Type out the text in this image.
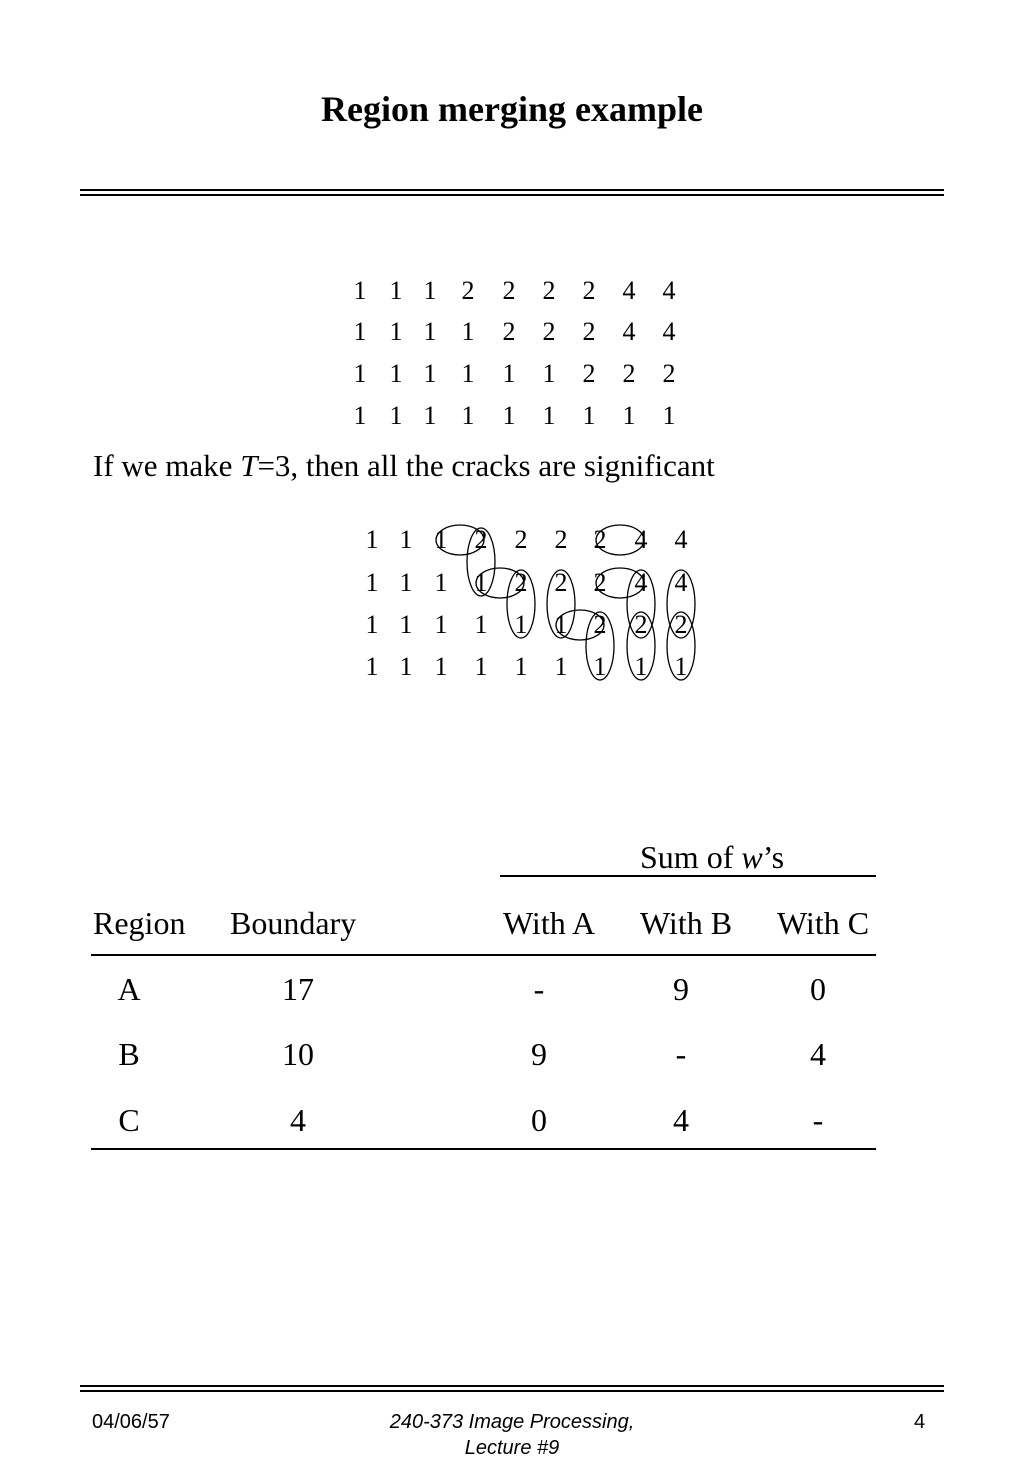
Region merging example
1 1 1 2	2	2	2	4	4
1 1 1 1	2	2	2	4	4
1 1 1 1	1	1	2	2	2
1 1 1 1	1	1	1	1	1
If we make T=3, then all the cracks are significant
1 1 1	2	2	2	2	4	4
1 1 1	1	2	2	2	4	4
1 1 1	1	1	1	2	2	2
1 1 1	1	1	1	1	1	1
Sum of w’s
Region Boundary	With A With B With C
A	17	-	9	0
B	10	9	-	4
C	4	0	4	-
04/06/57	240-373 Image Processing,
Lecture #9
4
